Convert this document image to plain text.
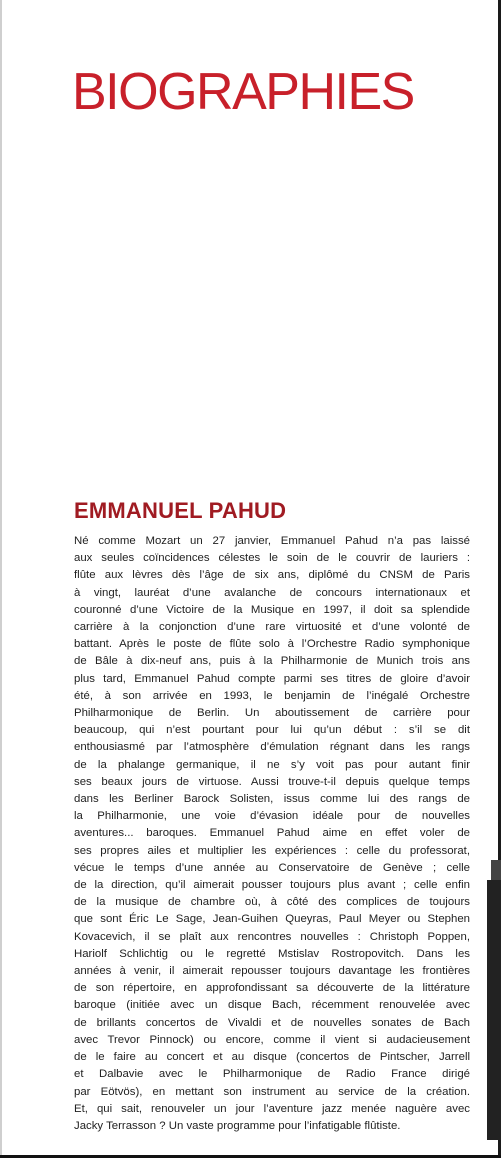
BIOGRAPHIES
EMMANUEL PAHUD
Né comme Mozart un 27 janvier, Emmanuel Pahud n’a pas laissé
aux seules coïncidences célestes le soin de le couvrir de lauriers :
flûte aux lèvres dès l’âge de six ans, diplômé du CNSM de Paris
à vingt, lauréat d’une avalanche de concours internationaux et
couronné d’une Victoire de la Musique en 1997, il doit sa splendide
carrière à la conjonction d’une rare virtuosité et d’une volonté de
battant. Après le poste de flûte solo à l’Orchestre Radio symphonique
de Bâle à dix-neuf ans, puis à la Philharmonie de Munich trois ans
plus tard, Emmanuel Pahud compte parmi ses titres de gloire d’avoir
été, à son arrivée en 1993, le benjamin de l’inégalé Orchestre
Philharmonique de Berlin. Un aboutissement de carrière pour
beaucoup, qui n’est pourtant pour lui qu’un début : s’il se dit
enthousiasmé par l’atmosphère d’émulation régnant dans les rangs
de la phalange germanique, il ne s’y voit pas pour autant finir
ses beaux jours de virtuose. Aussi trouve-t-il depuis quelque temps
dans les Berliner Barock Solisten, issus comme lui des rangs de
la Philharmonie, une voie d’évasion idéale pour de nouvelles
aventures... baroques. Emmanuel Pahud aime en effet voler de
ses propres ailes et multiplier les expériences : celle du professorat,
vécue le temps d’une année au Conservatoire de Genève ; celle
de la direction, qu’il aimerait pousser toujours plus avant ; celle enfin
de la musique de chambre où, à côté des complices de toujours
que sont Éric Le Sage, Jean-Guihen Queyras, Paul Meyer ou Stephen
Kovacevich, il se plaît aux rencontres nouvelles : Christoph Poppen,
Hariolf Schlichtig ou le regretté Mstislav Rostropovitch. Dans les
années à venir, il aimerait repousser toujours davantage les frontières
de son répertoire, en approfondissant sa découverte de la littérature
baroque (initiée avec un disque Bach, récemment renouvelée avec
de brillants concertos de Vivaldi et de nouvelles sonates de Bach
avec Trevor Pinnock) ou encore, comme il vient si audacieusement
de le faire au concert et au disque (concertos de Pintscher, Jarrell
et Dalbavie avec le Philharmonique de Radio France dirigé
par Eötvös), en mettant son instrument au service de la création.
Et, qui sait, renouveler un jour l’aventure jazz menée naguère avec
Jacky Terrasson ? Un vaste programme pour l’infatigable flûtiste.
